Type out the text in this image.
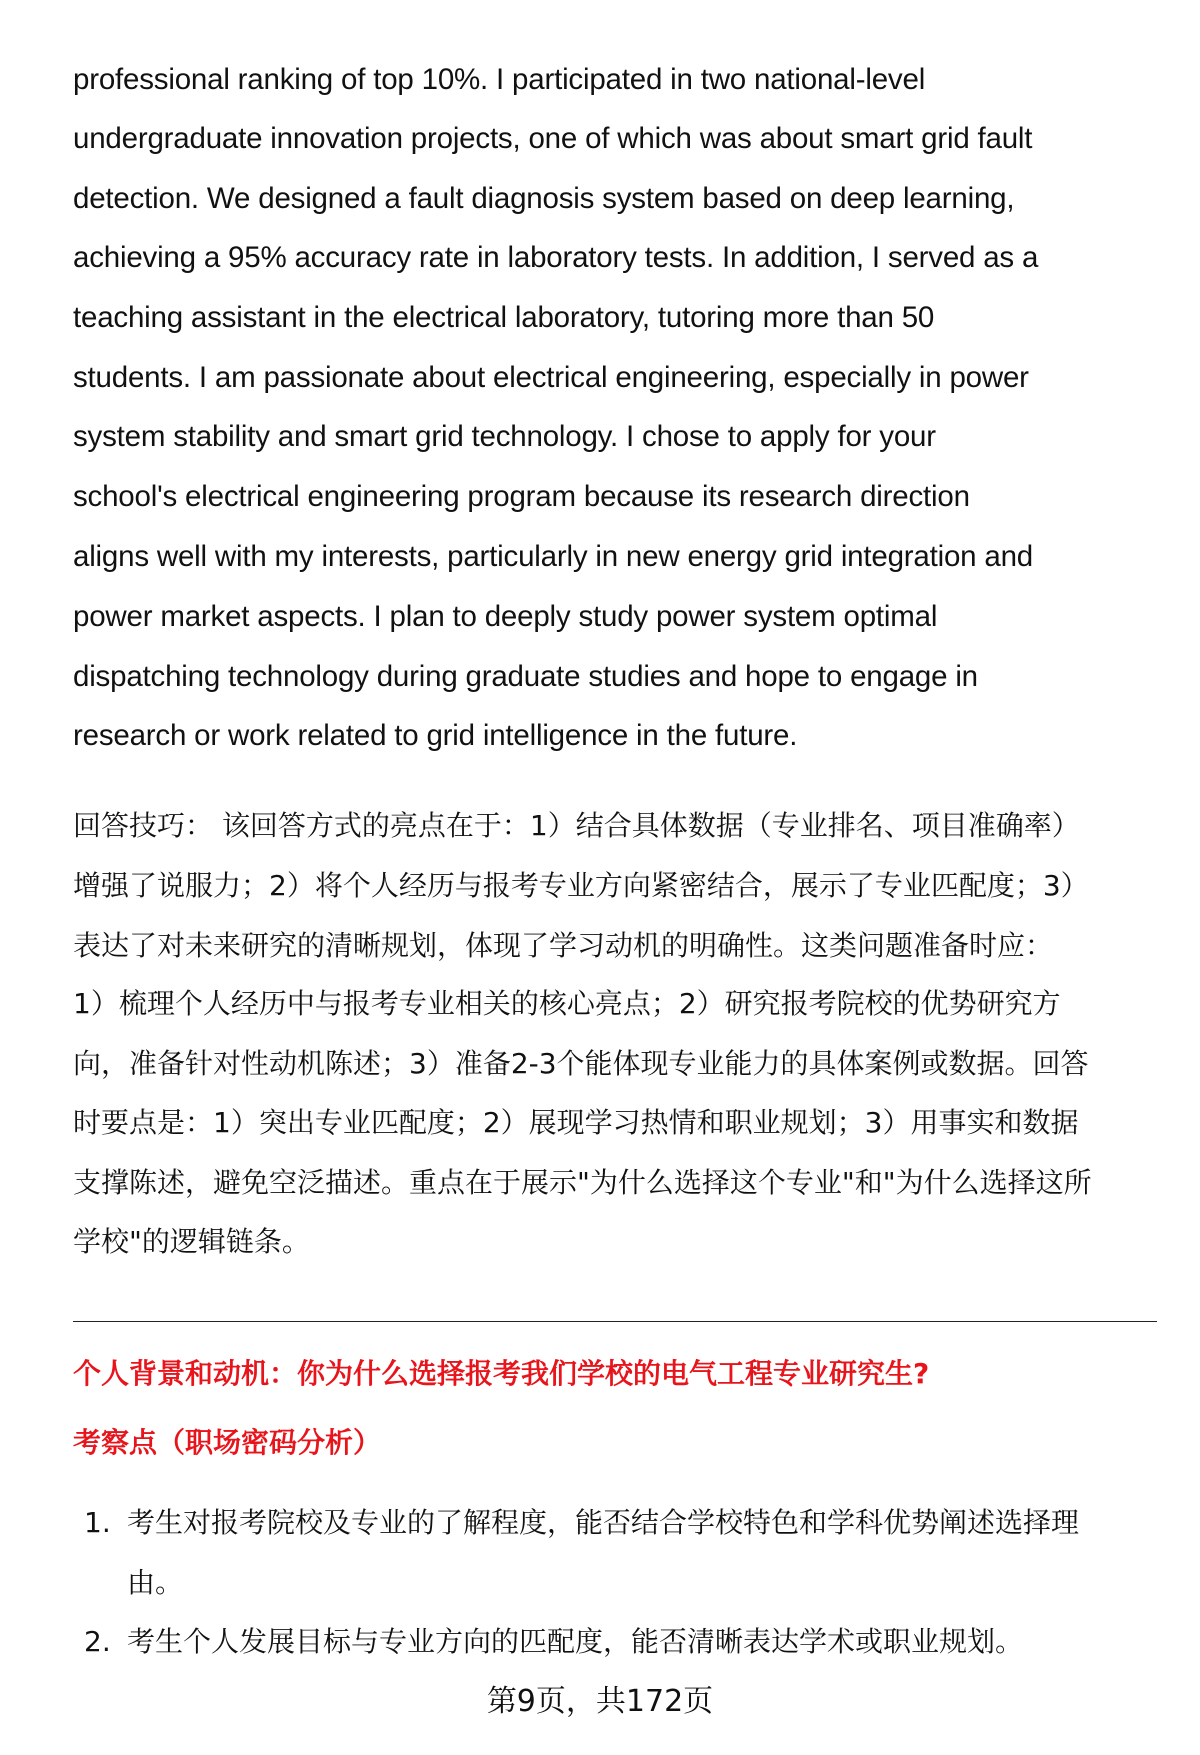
professional ranking of top 10%. I participated in two national-level
undergraduate innovation projects, one of which was about smart grid fault
detection. We designed a fault diagnosis system based on deep learning,
achieving a 95% accuracy rate in laboratory tests. In addition, I served as a
teaching assistant in the electrical laboratory, tutoring more than 50
students. I am passionate about electrical engineering, especially in power
system stability and smart grid technology. I chose to apply for your
school's electrical engineering program because its research direction
aligns well with my interests, particularly in new energy grid integration and
power market aspects. I plan to deeply study power system optimal
dispatching technology during graduate studies and hope to engage in
research or work related to grid intelligence in the future.
回答技巧： 该回答方式的亮点在于：1）结合具体数据（专业排名、项目准确率）
增强了说服力；2）将个人经历与报考专业方向紧密结合，展示了专业匹配度；3）
表达了对未来研究的清晰规划，体现了学习动机的明确性。这类问题准备时应：
1）梳理个人经历中与报考专业相关的核心亮点；2）研究报考院校的优势研究方
向，准备针对性动机陈述；3）准备2-3个能体现专业能力的具体案例或数据。回答
时要点是：1）突出专业匹配度；2）展现学习热情和职业规划；3）用事实和数据
支撑陈述，避免空泛描述。重点在于展示"为什么选择这个专业"和"为什么选择这所
学校"的逻辑链条。
个人背景和动机：你为什么选择报考我们学校的电气工程专业研究生?
考察点（职场密码分析）
1. 考生对报考院校及专业的了解程度，能否结合学校特色和学科优势阐述选择理
由。
2. 考生个人发展目标与专业方向的匹配度，能否清晰表达学术或职业规划。
第9页，共172页
